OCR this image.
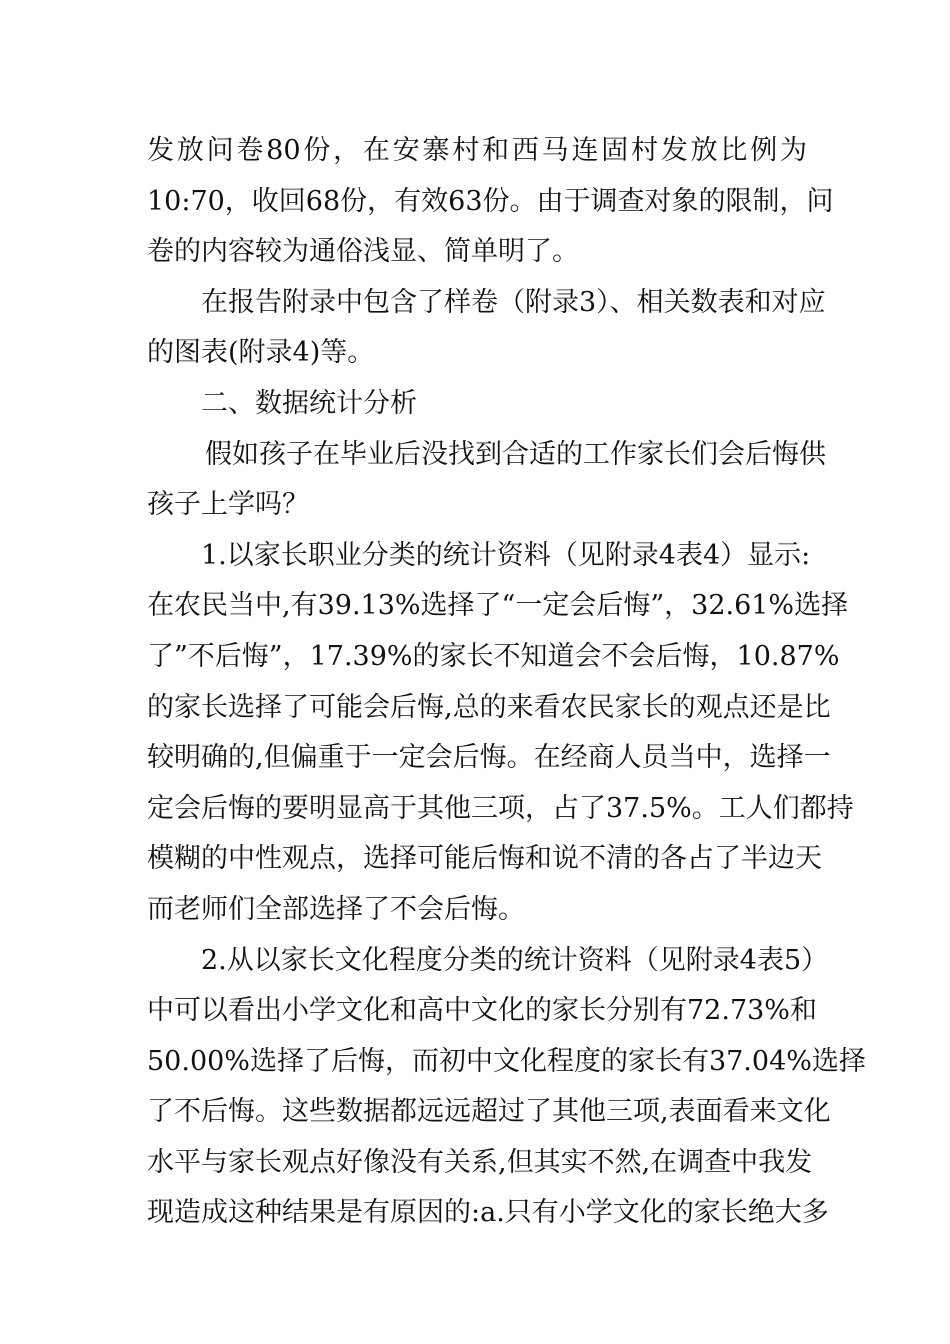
发放问卷80份，在安寨村和西马连固村发放比例为
10:70，收回68份，有效63份。由于调查对象的限制，问
卷的内容较为通俗浅显、简单明了。
在报告附录中包含了样卷（附录3）、相关数表和对应
的图表(附录4)等。
二、数据统计分析
假如孩子在毕业后没找到合适的工作家长们会后悔供
孩子上学吗？
1.以家长职业分类的统计资料（见附录4表4）显示:
在农民当中,有39.13%选择了“一定会后悔”，32.61%选择
了”不后悔”，17.39%的家长不知道会不会后悔，10.87%
的家长选择了可能会后悔,总的来看农民家长的观点还是比
较明确的,但偏重于一定会后悔。在经商人员当中，选择一
定会后悔的要明显高于其他三项，占了37.5%。工人们都持
模糊的中性观点，选择可能后悔和说不清的各占了半边天
而老师们全部选择了不会后悔。
2.从以家长文化程度分类的统计资料（见附录4表5）
中可以看出小学文化和高中文化的家长分别有72.73%和
50.00%选择了后悔，而初中文化程度的家长有37.04%选择
了不后悔。这些数据都远远超过了其他三项,表面看来文化
水平与家长观点好像没有关系,但其实不然,在调查中我发
现造成这种结果是有原因的:a.只有小学文化的家长绝大多
